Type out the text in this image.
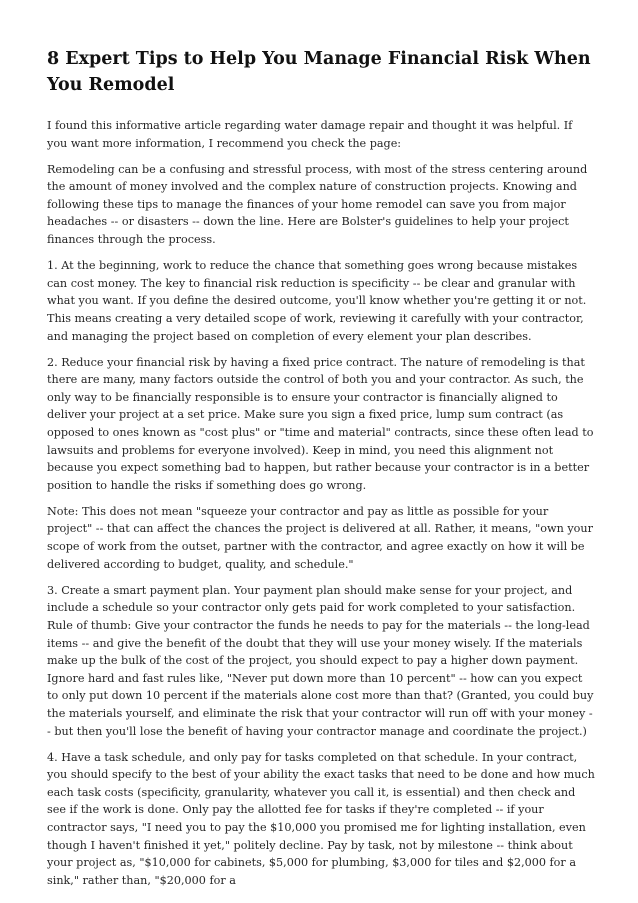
8 Expert Tips to Help You Manage Financial Risk When You Remodel

I found this informative article regarding water damage repair and thought it was helpful. If you want more information, I recommend you check the page:

Remodeling can be a confusing and stressful process, with most of the stress centering around the amount of money involved and the complex nature of construction projects. Knowing and following these tips to manage the finances of your home remodel can save you from major headaches -- or disasters -- down the line. Here are Bolster's guidelines to help your project finances through the process.

1. At the beginning, work to reduce the chance that something goes wrong because mistakes can cost money. The key to financial risk reduction is specificity -- be clear and granular with what you want. If you define the desired outcome, you'll know whether you're getting it or not. This means creating a very detailed scope of work, reviewing it carefully with your contractor, and managing the project based on completion of every element your plan describes.

2. Reduce your financial risk by having a fixed price contract. The nature of remodeling is that there are many, many factors outside the control of both you and your contractor. As such, the only way to be financially responsible is to ensure your contractor is financially aligned to deliver your project at a set price. Make sure you sign a fixed price, lump sum contract (as opposed to ones known as "cost plus" or "time and material" contracts, since these often lead to lawsuits and problems for everyone involved). Keep in mind, you need this alignment not because you expect something bad to happen, but rather because your contractor is in a better position to handle the risks if something does go wrong.

Note: This does not mean "squeeze your contractor and pay as little as possible for your project" -- that can affect the chances the project is delivered at all. Rather, it means, "own your scope of work from the outset, partner with the contractor, and agree exactly on how it will be delivered according to budget, quality, and schedule."

3. Create a smart payment plan. Your payment plan should make sense for your project, and include a schedule so your contractor only gets paid for work completed to your satisfaction. Rule of thumb: Give your contractor the funds he needs to pay for the materials -- the long-lead items -- and give the benefit of the doubt that they will use your money wisely. If the materials make up the bulk of the cost of the project, you should expect to pay a higher down payment. Ignore hard and fast rules like, "Never put down more than 10 percent" -- how can you expect to only put down 10 percent if the materials alone cost more than that? (Granted, you could buy the materials yourself, and eliminate the risk that your contractor will run off with your money -- but then you'll lose the benefit of having your contractor manage and coordinate the project.)

4. Have a task schedule, and only pay for tasks completed on that schedule. In your contract, you should specify to the best of your ability the exact tasks that need to be done and how much each task costs (specificity, granularity, whatever you call it, is essential) and then check and see if the work is done. Only pay the allotted fee for tasks if they're completed -- if your contractor says, "I need you to pay the $10,000 you promised me for lighting installation, even though I haven't finished it yet," politely decline. Pay by task, not by milestone -- think about your project as, "$10,000 for cabinets, $5,000 for plumbing, $3,000 for tiles and $2,000 for a sink," rather than, "$20,000 for a
